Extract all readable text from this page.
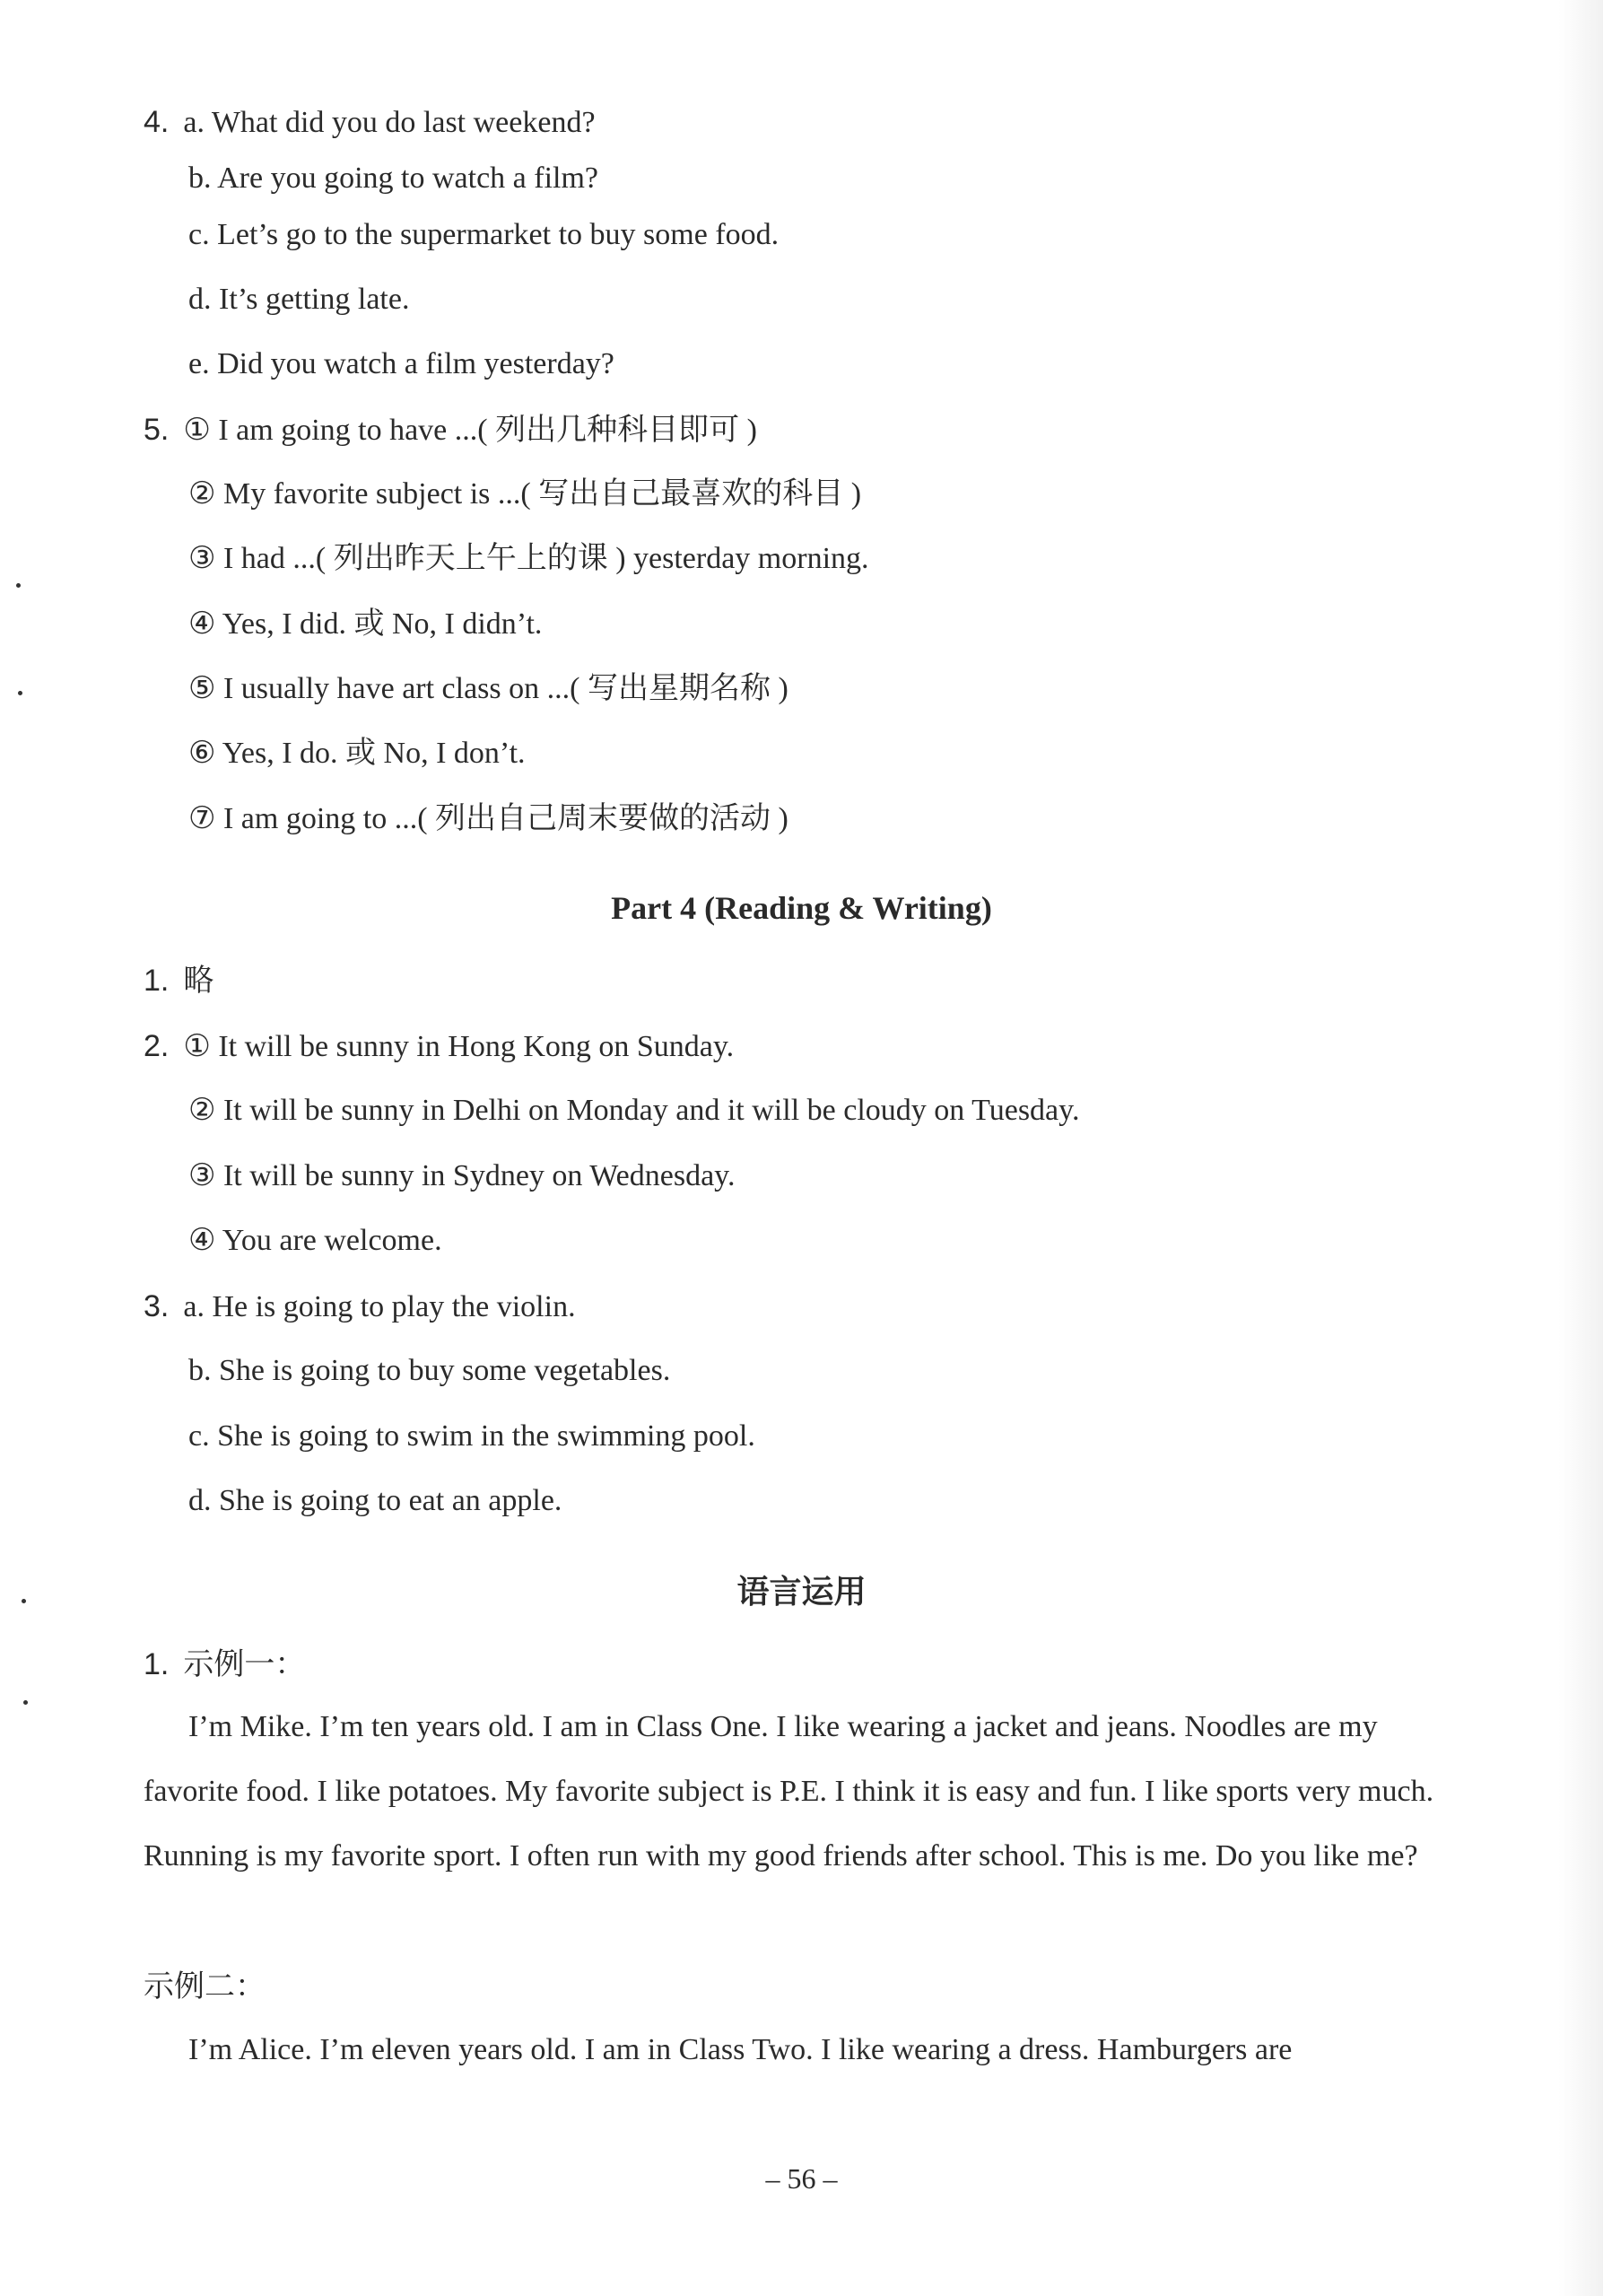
4. a. What did you do last weekend?
b. Are you going to watch a film?
c. Let’s go to the supermarket to buy some food.
d. It’s getting late.
e. Did you watch a film yesterday?
5. ① I am going to have ...( 列出几种科目即可 )
② My favorite subject is ...( 写出自己最喜欢的科目 )
③ I had ...( 列出昨天上午上的课 ) yesterday morning.
④ Yes, I did. 或 No, I didn’t.
⑤ I usually have art class on ...( 写出星期名称 )
⑥ Yes, I do. 或 No, I don’t.
⑦ I am going to ...( 列出自己周末要做的活动 )
Part 4 (Reading & Writing)
1. 略
2. ① It will be sunny in Hong Kong on Sunday.
② It will be sunny in Delhi on Monday and it will be cloudy on Tuesday.
③ It will be sunny in Sydney on Wednesday.
④ You are welcome.
3. a. He is going to play the violin.
b. She is going to buy some vegetables.
c. She is going to swim in the swimming pool.
d. She is going to eat an apple.
语言运用
1. 示例一：
I’m Mike. I’m ten years old. I am in Class One. I like wearing a jacket and jeans. Noodles are my favorite food. I like potatoes. My favorite subject is P.E. I think it is easy and fun. I like sports very much. Running is my favorite sport. I often run with my good friends after school. This is me. Do you like me?
示例二：
I’m Alice. I’m eleven years old. I am in Class Two. I like wearing a dress. Hamburgers are
– 56 –
